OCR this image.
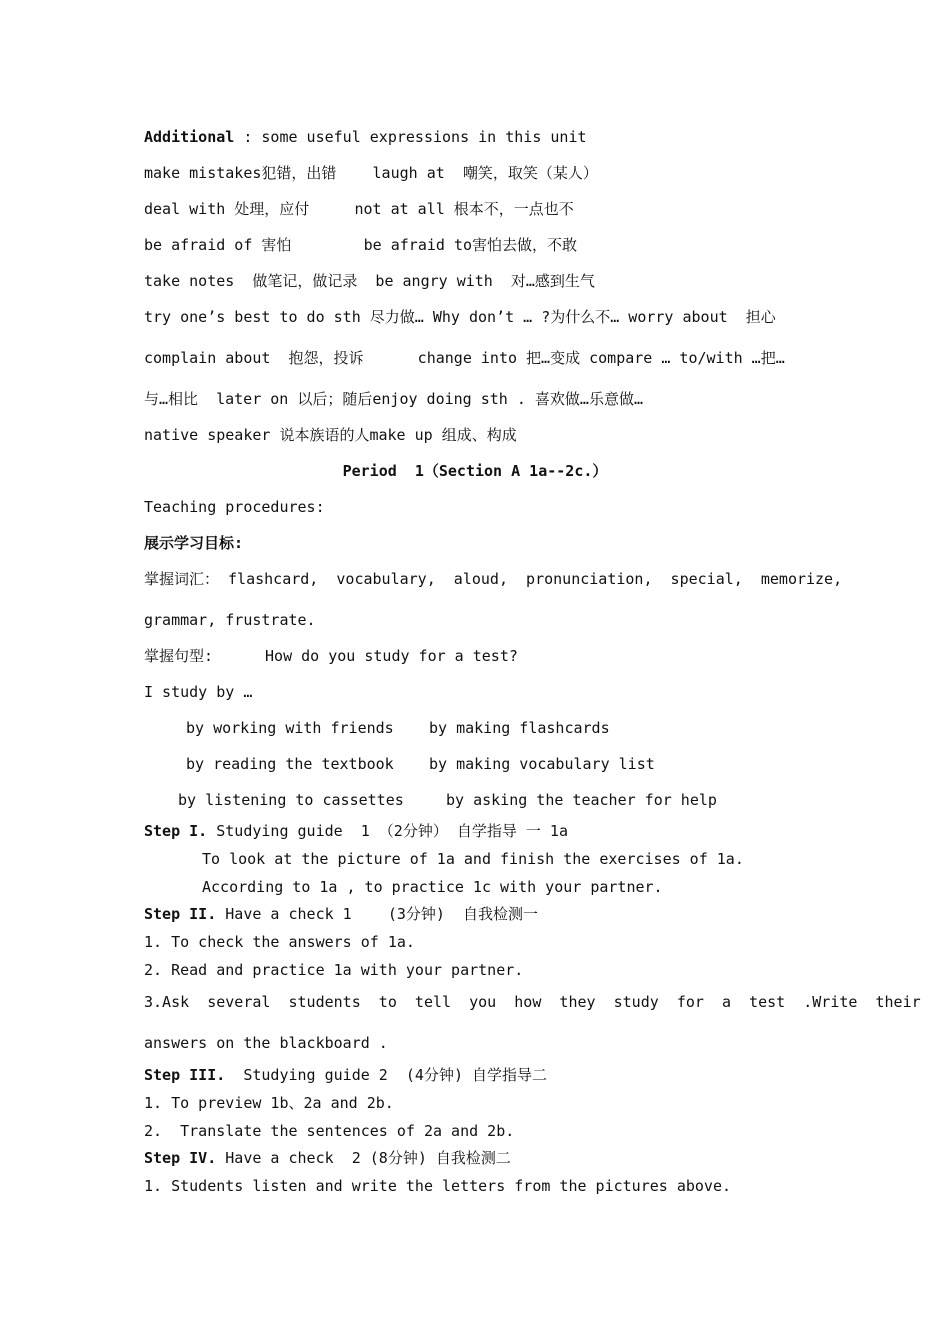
Additional : some useful expressions in this unit
make mistakes犯错，出错    laugh at  嘲笑，取笑（某人）
deal with 处理，应付     not at all 根本不，一点也不
be afraid of 害怕        be afraid to害怕去做，不敢
take notes  做笔记，做记录  be angry with  对…感到生气
try one’s best to do sth 尽力做… Why don’t … ?为什么不… worry about  担心
complain about  抱怨，投诉      change into 把…变成 compare … to/with …把…
与…相比  later on 以后；随后enjoy doing sth . 喜欢做…乐意做…
native speaker 说本族语的人make up 组成、构成
Period  1（Section A 1a--2c.）
Teaching procedures:
展示学习目标:
掌握词汇： flashcard,  vocabulary,  aloud,  pronunciation,  special,  memorize,
grammar, frustrate.
掌握句型:	How do you study for a test?
I study by …
by working with friends by making flashcards
by reading the textbook by making vocabulary list
by listening to cassettes	by asking the teacher for help
Step I. Studying guide  1 （2分钟） 自学指导 一 1a
To look at the picture of 1a and finish the exercises of 1a.
According to 1a , to practice 1c with your partner.
Step II. Have a check 1    (3分钟)  自我检测一
1. To check the answers of 1a.
2. Read and practice 1a with your partner.
3.Ask  several  students  to  tell  you  how  they  study  for  a  test  .Write  their
answers on the blackboard .
Step III.  Studying guide 2  (4分钟) 自学指导二
1. To preview 1b、2a and 2b.
2.  Translate the sentences of 2a and 2b.
Step IV. Have a check  2 (8分钟) 自我检测二
1. Students listen and write the letters from the pictures above.
